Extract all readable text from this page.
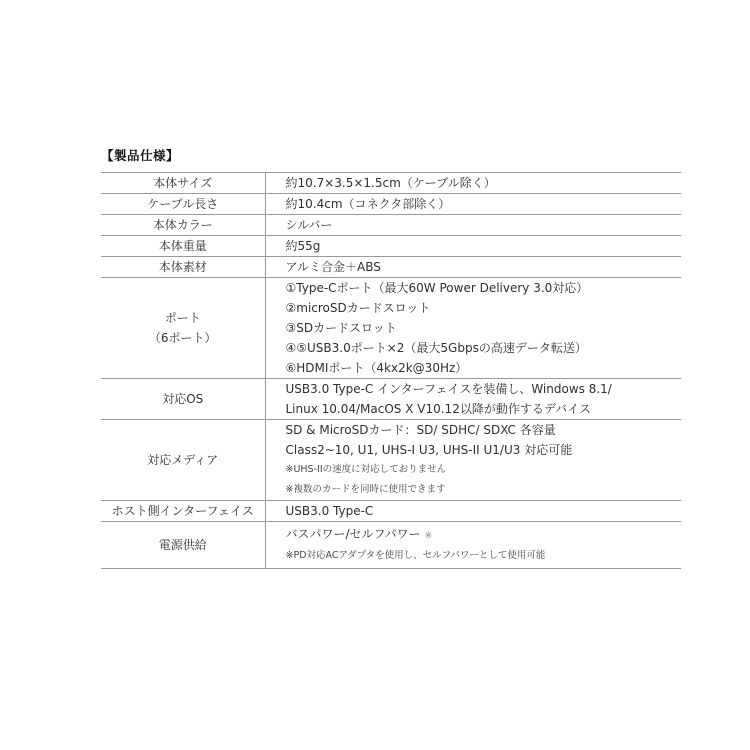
【製品仕様】
本体サイズ	約10.7×3.5×1.5cm（ケーブル除く）

ケーブル長さ	約10.4cm（コネクタ部除く）

本体カラー	シルバー

本体重量	約55g

本体素材	アルミ合金＋ABS

ポート
（6ポート）	①Type-Cポート（最大60W Power Delivery 3.0対応）
②microSDカードスロット
③SDカードスロット
④⑤USB3.0ポート×2（最大5Gbpsの高速データ転送）
⑥HDMIポート（4kx2k@30Hz）

対応OS	USB3.0 Type-C インターフェイスを装備し、Windows 8.1/
Linux 10.04/MacOS X V10.12以降が動作するデバイス

対応メディア	SD & MicroSDカード：SD/ SDHC/ SDXC 各容量
Class2~10, U1, UHS-I U3, UHS-II U1/U3 対応可能
※UHS-IIの速度に対応しておりません
※複数のカードを同時に使用できます

ホスト側インターフェイス	USB3.0 Type-C

電源供給	バスパワー/セルフパワー ※
※PD対応ACアダプタを使用し、セルフパワーとして使用可能
